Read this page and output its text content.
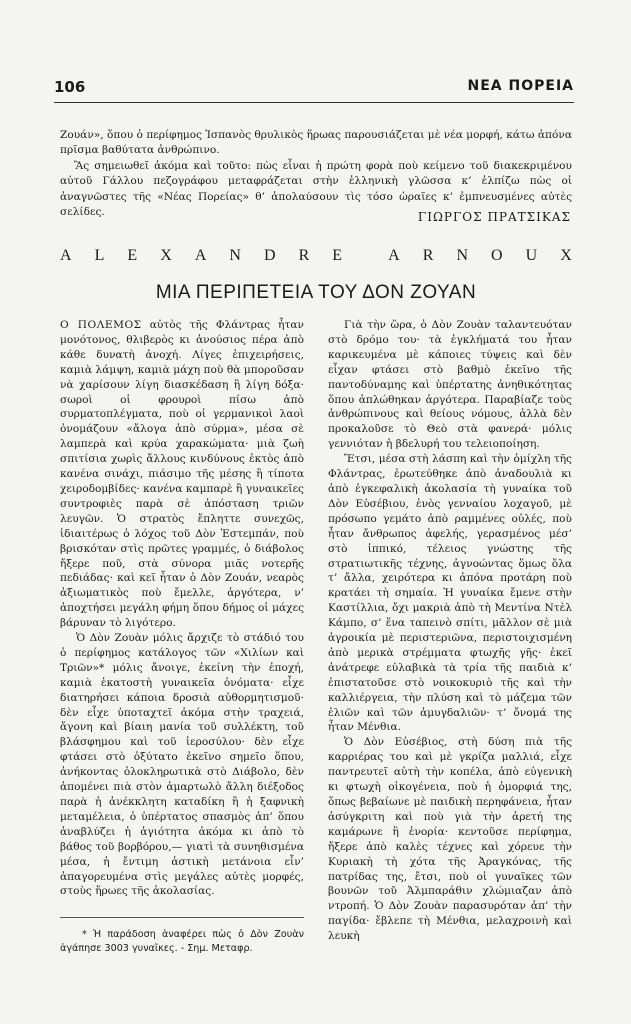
106	ΝΕΑ ΠΟΡΕΙΑ

Ζουάν», ὅπου ὁ περίφημος Ἱσπανὸς θρυλικὸς ἥρωας παρουσιάζεται μὲ νέα μορφή, κάτω ἀπόνα πρῖσμα βαθύτατα ἀνθρώπινο.

Ἂς σημειωθεῖ ἀκόμα καὶ τοῦτο: πὼς εἶναι ἡ πρώτη φορὰ ποὺ κείμενο τοῦ διακεκριμένου αὐτοῦ Γάλλου πεζογράφου μεταφράζεται στὴν ἑλληνικὴ γλῶσσα κ’ ἐλπίζω πὼς οἱ ἀναγνῶστες τῆς «Νέας Πορείας» θ’ ἀπολαύσουν τὶς τόσο ὡραῖες κ’ ἐμπνευσμένες αὐτὲς σελίδες.	ΓΙΩΡΓΟΣ ΠΡΑΤΣΙΚΑΣ
A L E X A N D R E	A R N O U X
ΜΙΑ ΠΕΡΙΠΕΤΕΙΑ ΤΟΥ ΔΟΝ ΖΟΥΑΝ

Ο ΠΟΛΕΜΟΣ αὐτὸς τῆς Φλάντρας ἦταν μονότονος, θλιβερὸς κι ἀνούσιος πέρα ἀπὸ κάθε δυνατὴ ἀνοχή. Λίγες ἐπιχειρήσεις, καμιὰ λάμψη, καμιὰ μάχη ποὺ θὰ μποροῦσαν νὰ χαρίσουν λίγη διασκέδαση ἢ λίγη δόξα· σωροὶ οἱ φρουροὶ πίσω ἀπὸ συρματοπλέγματα, ποὺ οἱ γερμανικοὶ λαοὶ ὀνομάζουν «ἄλογα ἀπὸ σύρμα», μέσα σὲ λαμπερὰ καὶ κρύα χαρακώματα· μιὰ ζωὴ σπιτίσια χωρὶς ἄλλους κινδύνους ἐκτὸς ἀπὸ κανένα σινάχι, πιάσιμο τῆς μέσης ἢ τίποτα χειροδομβίδες· κανένα καμπαρὲ ἢ γυναικεῖες συντροφιὲς παρὰ σὲ ἀπόσταση τριῶν λευγῶν. Ὁ στρατὸς ἔπληττε συνεχῶς, ἰδιαιτέρως ὁ λόχος τοῦ Δὸν Ἐστεμπάν, ποὺ βρισκόταν στὶς πρῶτες γραμμές, ὁ διάβολος ἤξερε ποῦ, στὰ σύνορα μιᾶς νοτερῆς πεδιάδας· καὶ κεῖ ἦταν ὁ Δὸν Ζουάν, νεαρὸς ἀξιωματικὸς ποὺ ἔμελλε, ἀργότερα, ν’ ἀποχτήσει μεγάλη φήμη ὅπου δήμος οἱ μάχες βάρυναν τὸ λιγότερο.

Ὁ Δὸν Ζουὰν μόλις ἄρχιζε τὸ στάδιό του ὁ περίφημος κατάλογος τῶν «Χιλίων καὶ Τριῶν»* μόλις ἄνοιγε, ἐκείνη τὴν ἐποχή, καμιὰ ἑκατοστὴ γυναικεῖα ὀνόματα· εἶχε διατηρήσει κάποια δροσιὰ αὐθορμητισμοῦ· δὲν εἶχε ὑποταχτεῖ ἀκόμα στὴν τραχειά, ἄγονη καὶ βίαιη μανία τοῦ συλλέκτη, τοῦ βλάσφημου καὶ τοῦ ἱεροσύλου· δὲν εἶχε φτάσει στὸ ὀξύτατο ἐκεῖνο σημεῖο ὅπου, ἀνήκοντας ὁλοκληρωτικὰ στὸ Διάβολο, δὲν ἀπομένει πιὰ στὸν ἁμαρτωλὸ ἄλλη διέξοδος παρὰ ἡ ἀνέκκλητη καταδίκη ἢ ἡ ξαφνικὴ μεταμέλεια, ὁ ὑπέρτατος σπασμὸς ἀπ’ ὅπου ἀναβλύζει ἡ ἁγιότητα ἀκόμα κι ἀπὸ τὸ βάθος τοῦ βορβόρου,— γιατὶ τὰ συνηθισμένα μέσα, ἡ ἔντιμη ἀστικὴ μετάνοια εἶν’ ἀπαγορευμένα στὶς μεγάλες αὐτὲς μορφές, στοὺς ἥρωες τῆς ἀκολασίας.

* Ἡ παράδοση ἀναφέρει πὼς ὁ Δὸν Ζουὰν ἀγάπησε 3003 γυναῖκες. - Σημ. Μεταφρ.

Γιὰ τὴν ὥρα, ὁ Δὸν Ζουὰν ταλαντευόταν στὸ δρόμο του· τὰ ἐγκλήματά του ἦταν καρικευμένα μὲ κάποιες τύψεις καὶ δὲν εἶχαν φτάσει στὸ βαθμὸ ἐκεῖνο τῆς παντοδύναμης καὶ ὑπέρτατης ἀνηθικότητας ὅπου ἀπλώθηκαν ἀργότερα. Παραβίαζε τοὺς ἀνθρώπινους καὶ θείους νόμους, ἀλλὰ δὲν προκαλοῦσε τὸ Θεὸ στὰ φανερά· μόλις γεννιόταν ἡ βδελυρή του τελειοποίηση.

Ἔτσι, μέσα στὴ λάσπη καὶ τὴν ὁμίχλη τῆς Φλάντρας, ἐρωτεύθηκε ἀπὸ ἀναδουλιὰ κι ἀπὸ ἐγκεφαλικὴ ἀκολασία τὴ γυναίκα τοῦ Δὸν Εὐσέβιου, ἑνὸς γενναίου λοχαγοῦ, μὲ πρόσωπο γεμάτο ἀπὸ ραμμένες οὐλές, ποὺ ἦταν ἄνθρωπος ἀφελής, γερασμένος μέσ’ στὸ ἱππικό, τέλειος γνώστης τῆς στρατιωτικῆς τέχνης, ἀγνοώντας ὅμως ὅλα τ’ ἄλλα, χειρότερα κι ἀπόνα προτάρη ποὺ κρατάει τὴ σημαία. Ἡ γυναίκα ἔμενε στὴν Καστίλλια, ὄχι μακριὰ ἀπὸ τὴ Μεντίνα Ντὲλ Κάμπο, σ’ ἕνα ταπεινὸ σπίτι, μᾶλλον σὲ μιὰ ἀγροικία μὲ περιστεριῶνα, περιστοιχισμένη ἀπὸ μερικὰ στρέμματα φτωχῆς γῆς· ἐκεῖ ἀνάτρεφε εὐλαβικὰ τὰ τρία τῆς παιδιὰ κ’ ἐπιστατοῦσε στὸ νοικοκυριὸ τῆς καὶ τὴν καλλιέργεια, τὴν πλύση καὶ τὸ μάζεμα τῶν ἐλιῶν καὶ τῶν ἀμυγδαλιῶν· τ’ ὄνομά της ἦταν Μένθια.

Ὁ Δὸν Εὐσέβιος, στὴ δύση πιὰ τῆς καρριέρας του καὶ μὲ γκρίζα μαλλιά, εἶχε παντρευτεῖ αὐτὴ τὴν κοπέλα, ἀπὸ εὐγενικὴ κι φτωχὴ οἰκογένεια, ποὺ ἡ ὀμορφιά της, ὅπως βεβαίωνε μὲ παιδικὴ περηφάνεια, ἦταν ἀσύγκριτη καὶ ποὺ γιὰ τὴν ἀρετή της καμάρωνε ἢ ἐνορία· κεντοῦσε περίφημα, ἤξερε ἀπὸ καλὲς τέχνες καὶ χόρευε τὴν Κυριακὴ τὴ χότα τῆς Ἀραγκόνας, τῆς πατρίδας της, ἔτσι, ποὺ οἱ γυναῖκες τῶν βουνῶν τοῦ Ἀλμπαράθιν χλώμιαζαν ἀπὸ ντροπή. Ὁ Δὸν Ζουὰν παρασυρόταν ἀπ’ τὴν παγίδα· ἔβλεπε τὴ Μένθια, μελαχροινὴ καὶ λευκὴ
